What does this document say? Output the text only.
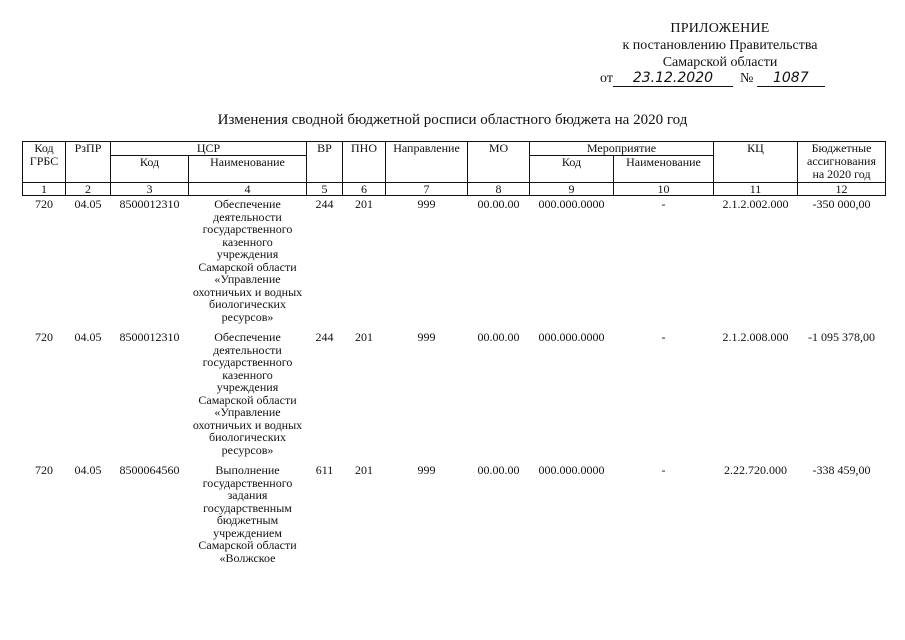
ПРИЛОЖЕНИЕ
к постановлению Правительства
Самарской области
от 23.12.2020 № 1087
Изменения сводной бюджетной росписи областного бюджета на 2020 год
Код ГРБС	РзПР	ЦСР		ВР	ПНО	Направление	МО	Мероприятие		КЦ	Бюджетные ассигнования на 2020 год
		Код	Наименование					Код	Наименование		
1	2	3	4	5	6	7	8	9	10	11	12
720	04.05	8500012310	Обеспечение деятельности государственного казенного учреждения Самарской области «Управление охотничьих и водных биологических ресурсов»	244	201	999	00.00.00	000.000.0000	-	2.1.2.002.000	-350 000,00
720	04.05	8500012310	Обеспечение деятельности государственного казенного учреждения Самарской области «Управление охотничьих и водных биологических ресурсов»	244	201	999	00.00.00	000.000.0000	-	2.1.2.008.000	-1 095 378,00
720	04.05	8500064560	Выполнение государственного задания государственным бюджетным учреждением Самарской области «Волжское	611	201	999	00.00.00	000.000.0000	-	2.22.720.000	-338 459,00
